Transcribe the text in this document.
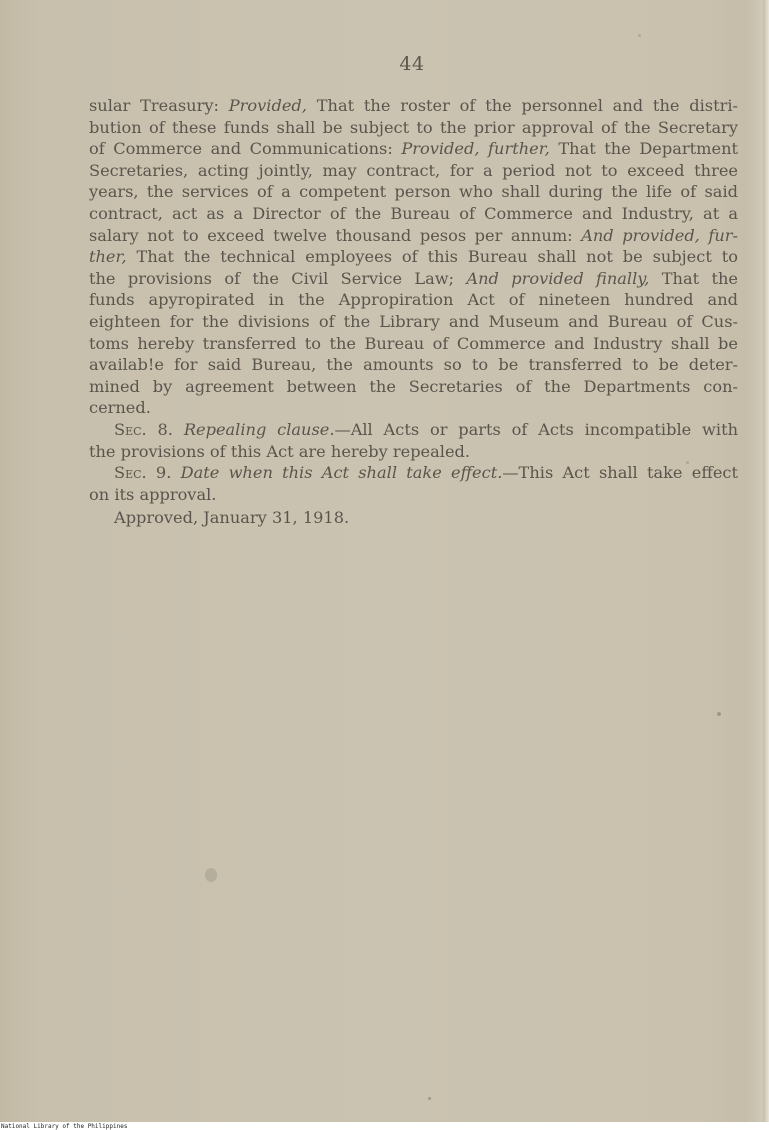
44
sular Treasury: Provided, That the roster of the personnel and the distri-
bution of these funds shall be subject to the prior approval of the Secretary
of Commerce and Communications: Provided, further, That the Department
Secretaries, acting jointly, may contract, for a period not to exceed three
years, the services of a competent person who shall during the life of said
contract, act as a Director of the Bureau of Commerce and Industry, at a
salary not to exceed twelve thousand pesos per annum: And provided, fur-
ther, That the technical employees of this Bureau shall not be subject to
the provisions of the Civil Service Law; And provided finally, That the
funds apyropirated in the Appropiration Act of nineteen hundred and
eighteen for the divisions of the Library and Museum and Bureau of Cus-
toms hereby transferred to the Bureau of Commerce and Industry shall be
availab!e for said Bureau, the amounts so to be transferred to be deter-
mined by agreement between the Secretaries of the Departments con-
cerned.
Sec. 8. Repealing clause.—All Acts or parts of Acts incompatible with
the provisions of this Act are hereby repealed.
Sec. 9. Date when this Act shall take effect.—This Act shall take effect
on its approval.
Approved, January 31, 1918.
National Library of the Philippines
